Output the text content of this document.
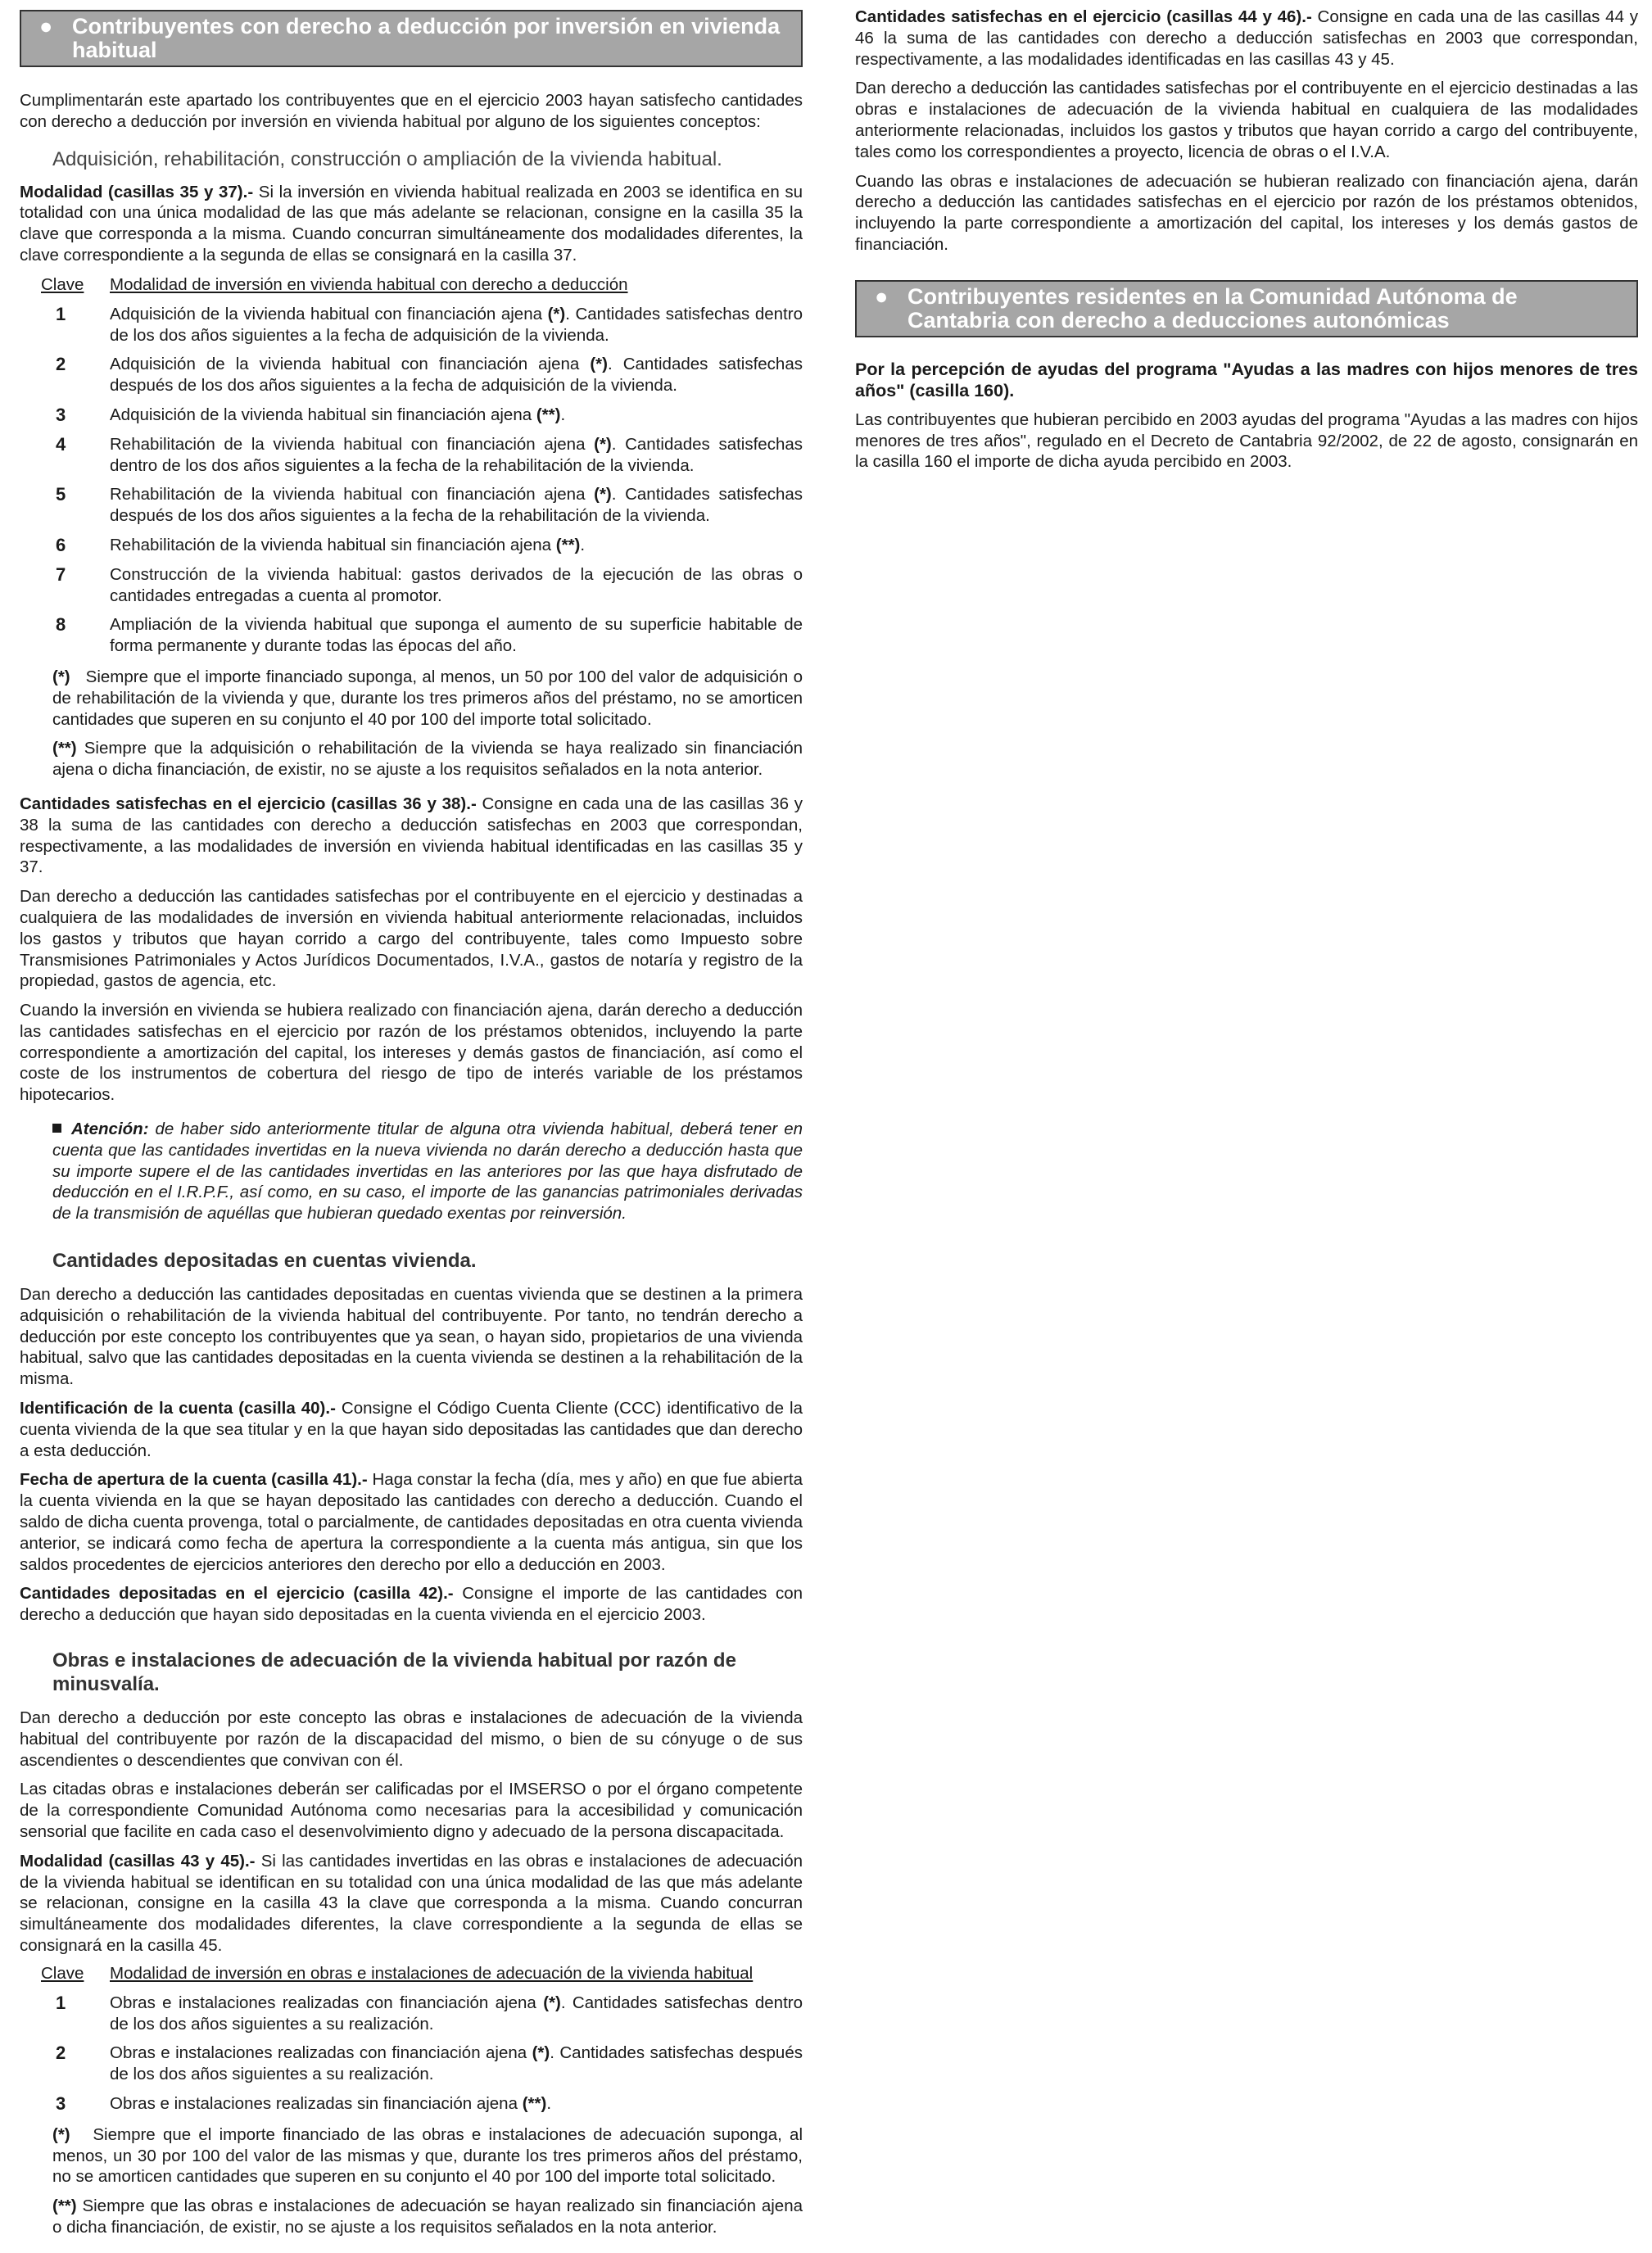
● Contribuyentes con derecho a deducción por inversión en vivienda habitual

Cumplimentarán este apartado los contribuyentes que en el ejercicio 2003 hayan satisfecho cantidades con derecho a deducción por inversión en vivienda habitual por alguno de los siguientes conceptos:

Adquisición, rehabilitación, construcción o ampliación de la vivienda habitual.

Modalidad (casillas 35 y 37).- Si la inversión en vivienda habitual realizada en 2003 se identifica en su totalidad con una única modalidad de las que más adelante se relacionan, consigne en la casilla 35 la clave que corresponda a la misma. Cuando concurran simultáneamente dos modalidades diferentes, la clave correspondiente a la segunda de ellas se consignará en la casilla 37.

Clave	Modalidad de inversión en vivienda habitual con derecho a deducción
1	Adquisición de la vivienda habitual con financiación ajena (*). Cantidades satisfechas dentro de los dos años siguientes a la fecha de adquisición de la vivienda.
2	Adquisición de la vivienda habitual con financiación ajena (*). Cantidades satisfechas después de los dos años siguientes a la fecha de adquisición de la vivienda.
3	Adquisición de la vivienda habitual sin financiación ajena (**).
4	Rehabilitación de la vivienda habitual con financiación ajena (*). Cantidades satisfechas dentro de los dos años siguientes a la fecha de la rehabilitación de la vivienda.
5	Rehabilitación de la vivienda habitual con financiación ajena (*). Cantidades satisfechas después de los dos años siguientes a la fecha de la rehabilitación de la vivienda.
6	Rehabilitación de la vivienda habitual sin financiación ajena (**).
7	Construcción de la vivienda habitual: gastos derivados de la ejecución de las obras o cantidades entregadas a cuenta al promotor.
8	Ampliación de la vivienda habitual que suponga el aumento de su superficie habitable de forma permanente y durante todas las épocas del año.
(*) Siempre que el importe financiado suponga, al menos, un 50 por 100 del valor de adquisición o de rehabilitación de la vivienda y que, durante los tres primeros años del préstamo, no se amorticen cantidades que superen en su conjunto el 40 por 100 del importe total solicitado.
(**) Siempre que la adquisición o rehabilitación de la vivienda se haya realizado sin financiación ajena o dicha financiación, de existir, no se ajuste a los requisitos señalados en la nota anterior.

Cantidades satisfechas en el ejercicio (casillas 36 y 38).- Consigne en cada una de las casillas 36 y 38 la suma de las cantidades con derecho a deducción satisfechas en 2003 que correspondan, respectivamente, a las modalidades de inversión en vivienda habitual identificadas en las casillas 35 y 37.

Dan derecho a deducción las cantidades satisfechas por el contribuyente en el ejercicio y destinadas a cualquiera de las modalidades de inversión en vivienda habitual anteriormente relacionadas, incluidos los gastos y tributos que hayan corrido a cargo del contribuyente, tales como Impuesto sobre Transmisiones Patrimoniales y Actos Jurídicos Documentados, I.V.A., gastos de notaría y registro de la propiedad, gastos de agencia, etc.

Cuando la inversión en vivienda se hubiera realizado con financiación ajena, darán derecho a deducción las cantidades satisfechas en el ejercicio por razón de los préstamos obtenidos, incluyendo la parte correspondiente a amortización del capital, los intereses y demás gastos de financiación, así como el coste de los instrumentos de cobertura del riesgo de tipo de interés variable de los préstamos hipotecarios.

Atención: de haber sido anteriormente titular de alguna otra vivienda habitual, deberá tener en cuenta que las cantidades invertidas en la nueva vivienda no darán derecho a deducción hasta que su importe supere el de las cantidades invertidas en las anteriores por las que haya disfrutado de deducción en el I.R.P.F., así como, en su caso, el importe de las ganancias patrimoniales derivadas de la transmisión de aquéllas que hubieran quedado exentas por reinversión.
Cantidades depositadas en cuentas vivienda.

Dan derecho a deducción las cantidades depositadas en cuentas vivienda que se destinen a la primera adquisición o rehabilitación de la vivienda habitual del contribuyente. Por tanto, no tendrán derecho a deducción por este concepto los contribuyentes que ya sean, o hayan sido, propietarios de una vivienda habitual, salvo que las cantidades depositadas en la cuenta vivienda se destinen a la rehabilitación de la misma.

Identificación de la cuenta (casilla 40).- Consigne el Código Cuenta Cliente (CCC) identificativo de la cuenta vivienda de la que sea titular y en la que hayan sido depositadas las cantidades que dan derecho a esta deducción.

Fecha de apertura de la cuenta (casilla 41).- Haga constar la fecha (día, mes y año) en que fue abierta la cuenta vivienda en la que se hayan depositado las cantidades con derecho a deducción. Cuando el saldo de dicha cuenta provenga, total o parcialmente, de cantidades depositadas en otra cuenta vivienda anterior, se indicará como fecha de apertura la correspondiente a la cuenta más antigua, sin que los saldos procedentes de ejercicios anteriores den derecho por ello a deducción en 2003.

Cantidades depositadas en el ejercicio (casilla 42).- Consigne el importe de las cantidades con derecho a deducción que hayan sido depositadas en la cuenta vivienda en el ejercicio 2003.

Obras e instalaciones de adecuación de la vivienda habitual por razón de minusvalía.

Dan derecho a deducción por este concepto las obras e instalaciones de adecuación de la vivienda habitual del contribuyente por razón de la discapacidad del mismo, o bien de su cónyuge o de sus ascendientes o descendientes que convivan con él.

Las citadas obras e instalaciones deberán ser calificadas por el IMSERSO o por el órgano competente de la correspondiente Comunidad Autónoma como necesarias para la accesibilidad y comunicación sensorial que facilite en cada caso el desenvolvimiento digno y adecuado de la persona discapacitada.

Modalidad (casillas 43 y 45).- Si las cantidades invertidas en las obras e instalaciones de adecuación de la vivienda habitual se identifican en su totalidad con una única modalidad de las que más adelante se relacionan, consigne en la casilla 43 la clave que corresponda a la misma. Cuando concurran simultáneamente dos modalidades diferentes, la clave correspondiente a la segunda de ellas se consignará en la casilla 45.

Clave	Modalidad de inversión en obras e instalaciones de adecuación de la vivienda habitual
1	Obras e instalaciones realizadas con financiación ajena (*). Cantidades satisfechas dentro de los dos años siguientes a su realización.
2	Obras e instalaciones realizadas con financiación ajena (*). Cantidades satisfechas después de los dos años siguientes a su realización.
3	Obras e instalaciones realizadas sin financiación ajena (**).
(*) Siempre que el importe financiado de las obras e instalaciones de adecuación suponga, al menos, un 30 por 100 del valor de las mismas y que, durante los tres primeros años del préstamo, no se amorticen cantidades que superen en su conjunto el 40 por 100 del importe total solicitado.
(**) Siempre que las obras e instalaciones de adecuación se hayan realizado sin financiación ajena o dicha financiación, de existir, no se ajuste a los requisitos señalados en la nota anterior.

Cantidades satisfechas en el ejercicio (casillas 44 y 46).- Consigne en cada una de las casillas 44 y 46 la suma de las cantidades con derecho a deducción satisfechas en 2003 que correspondan, respectivamente, a las modalidades identificadas en las casillas 43 y 45.

Dan derecho a deducción las cantidades satisfechas por el contribuyente en el ejercicio destinadas a las obras e instalaciones de adecuación de la vivienda habitual en cualquiera de las modalidades anteriormente relacionadas, incluidos los gastos y tributos que hayan corrido a cargo del contribuyente, tales como los correspondientes a proyecto, licencia de obras o el I.V.A.

Cuando las obras e instalaciones de adecuación se hubieran realizado con financiación ajena, darán derecho a deducción las cantidades satisfechas en el ejercicio por razón de los préstamos obtenidos, incluyendo la parte correspondiente a amortización del capital, los intereses y los demás gastos de financiación.

● Contribuyentes residentes en la Comunidad Autónoma de Cantabria con derecho a deducciones autonómicas

Por la percepción de ayudas del programa "Ayudas a las madres con hijos menores de tres años" (casilla 160).

Las contribuyentes que hubieran percibido en 2003 ayudas del programa "Ayudas a las madres con hijos menores de tres años", regulado en el Decreto de Cantabria 92/2002, de 22 de agosto, consignarán en la casilla 160 el importe de dicha ayuda percibido en 2003.
